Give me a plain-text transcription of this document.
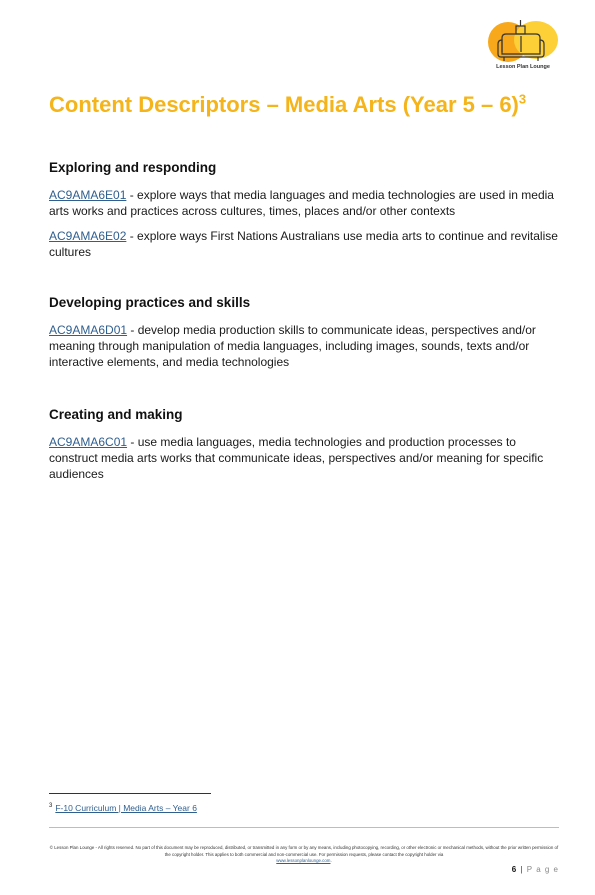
Lesson Plan Lounge
Content Descriptors – Media Arts (Year 5 – 6)$^3$
Exploring and responding

AC9AMA6E01 - explore ways that media languages and media technologies are used in media arts works and practices across cultures, times, places and/or other contexts

AC9AMA6E02 - explore ways First Nations Australians use media arts to continue and revitalise cultures

Developing practices and skills

AC9AMA6D01 - develop media production skills to communicate ideas, perspectives and/or meaning through manipulation of media languages, including images, sounds, texts and/or interactive elements, and media technologies

Creating and making

AC9AMA6C01 - use media languages, media technologies and production processes to construct media arts works that communicate ideas, perspectives and/or meaning for specific audiences

$^3$ F-10 Curriculum | Media Arts – Year 6
© Lesson Plan Lounge - All rights reserved. No part of this document may be reproduced, distributed, or transmitted in any form or by any means, including photocopying, recording, or other electronic or mechanical methods, without the prior written permission of the copyright holder. This applies to both commercial and non-commercial use. For permission requests, please contact the copyright holder via
www.lessonplanlounge.com.
6 | P a g e
